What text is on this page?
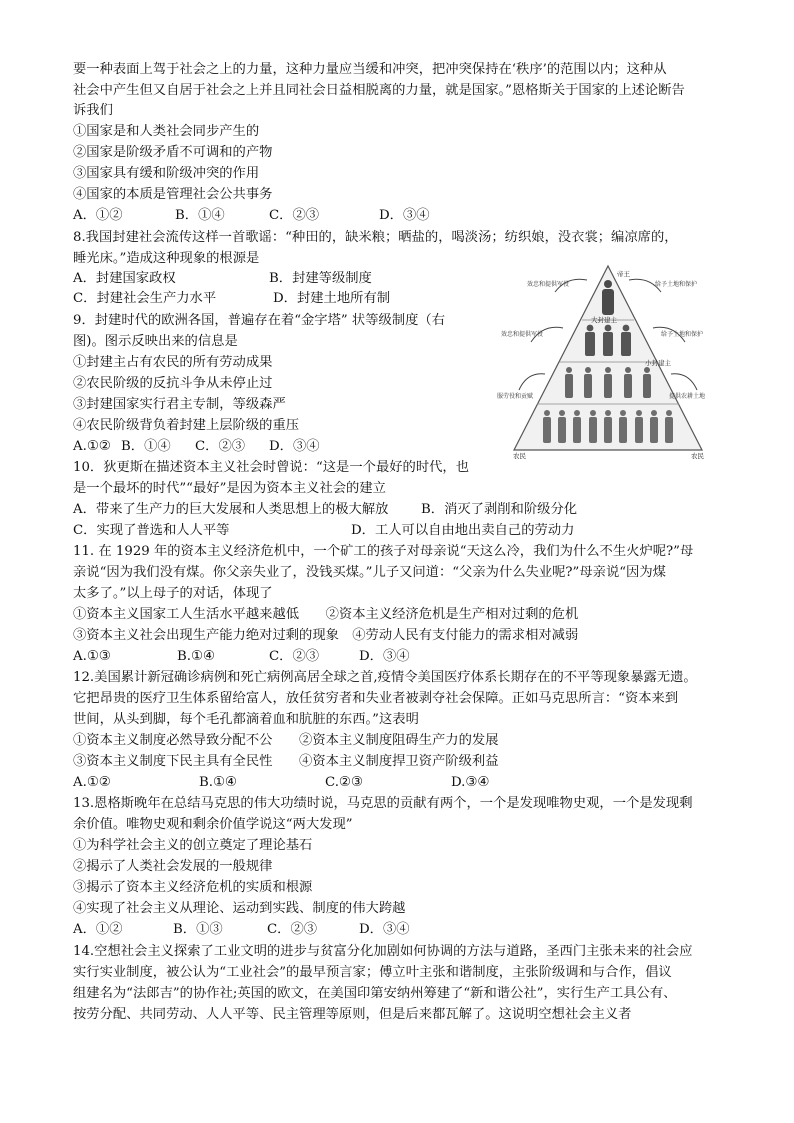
要一种表面上驾于社会之上的力量，这种力量应当缓和冲突，把冲突保持在‘秩序’的范围以内；这种从
社会中产生但又自居于社会之上并且同社会日益相脱离的力量，就是国家。”恩格斯关于国家的上述论断告
诉我们
①国家是和人类社会同步产生的
②国家是阶级矛盾不可调和的产物
③国家具有缓和阶级冲突的作用
④国家的本质是管理社会公共事务
A．①②	B．①④	C．②③	D．③④
8.我国封建社会流传这样一首歌谣：“种田的，缺米粮；晒盐的，喝淡汤；纺织娘，没衣裳；编凉席的，
睡光床。”造成这种现象的根源是
A．封建国家政权	B．封建等级制度
C．封建社会生产力水平	D．封建土地所有制
9．封建时代的欧洲各国，普遍存在着“金字塔” 状等级制度（右
图)。图示反映出来的信息是
①封建主占有农民的所有劳动成果
②农民阶级的反抗斗争从未停止过
③封建国家实行君主专制，等级森严
④农民阶级背负着封建上层阶级的重压
A.①② B．①④ C．②③ D．③④
帝王
大封建主
小封建主
农民	农民
效忠和提供军役	给予土地和保护
效忠和提供军役	给予土地和保护
服劳役和贡赋	提供农耕土地
10．狄更斯在描述资本主义社会时曾说：“这是一个最好的时代，也
是一个最坏的时代”“最好”是因为资本主义社会的建立
A．带来了生产力的巨大发展和人类思想上的极大解放 B．消灭了剥削和阶级分化
C．实现了普选和人人平等	D．工人可以自由地出卖自己的劳动力
11. 在 1929 年的资本主义经济危机中，一个矿工的孩子对母亲说“天这么冷，我们为什么不生火炉呢?”母
亲说“因为我们没有煤。你父亲失业了，没钱买煤。”儿子又问道：“父亲为什么失业呢?”母亲说“因为煤
太多了。”以上母子的对话，体现了
①资本主义国家工人生活水平越来越低　　②资本主义经济危机是生产相对过剩的危机
③资本主义社会出现生产能力绝对过剩的现象　④劳动人民有支付能力的需求相对减弱
A.①③	B.①④	C．②③	D．③④
12.美国累计新冠确诊病例和死亡病例高居全球之首,疫情令美国医疗体系长期存在的不平等现象暴露无遗。
它把昂贵的医疗卫生体系留给富人，放任贫穷者和失业者被剥夺社会保障。正如马克思所言：“资本来到
世间，从头到脚，每个毛孔都滴着血和肮脏的东西。”这表明
①资本主义制度必然导致分配不公　　②资本主义制度阻碍生产力的发展
③资本主义制度下民主具有全民性　　④资本主义制度捍卫资产阶级利益
A.①②	B.①④	C.②③	D.③④
13.恩格斯晚年在总结马克思的伟大功绩时说，马克思的贡献有两个，一个是发现唯物史观，一个是发现剩
余价值。唯物史观和剩余价值学说这“两大发现”
①为科学社会主义的创立奠定了理论基石
②揭示了人类社会发展的一般规律
③揭示了资本主义经济危机的实质和根源
④实现了社会主义从理论、运动到实践、制度的伟大跨越
A．①②	B．①③	C．②③	D．③④
14.空想社会主义探索了工业文明的进步与贫富分化加剧如何协调的方法与道路，圣西门主张未来的社会应
实行实业制度，被公认为“工业社会”的最早预言家；傅立叶主张和谐制度，主张阶级调和与合作，倡议
组建名为“法郎吉”的协作社;英国的欧文，在美国印第安纳州筹建了“新和谐公社”，实行生产工具公有、
按劳分配、共同劳动、人人平等、民主管理等原则，但是后来都瓦解了。这说明空想社会主义者
